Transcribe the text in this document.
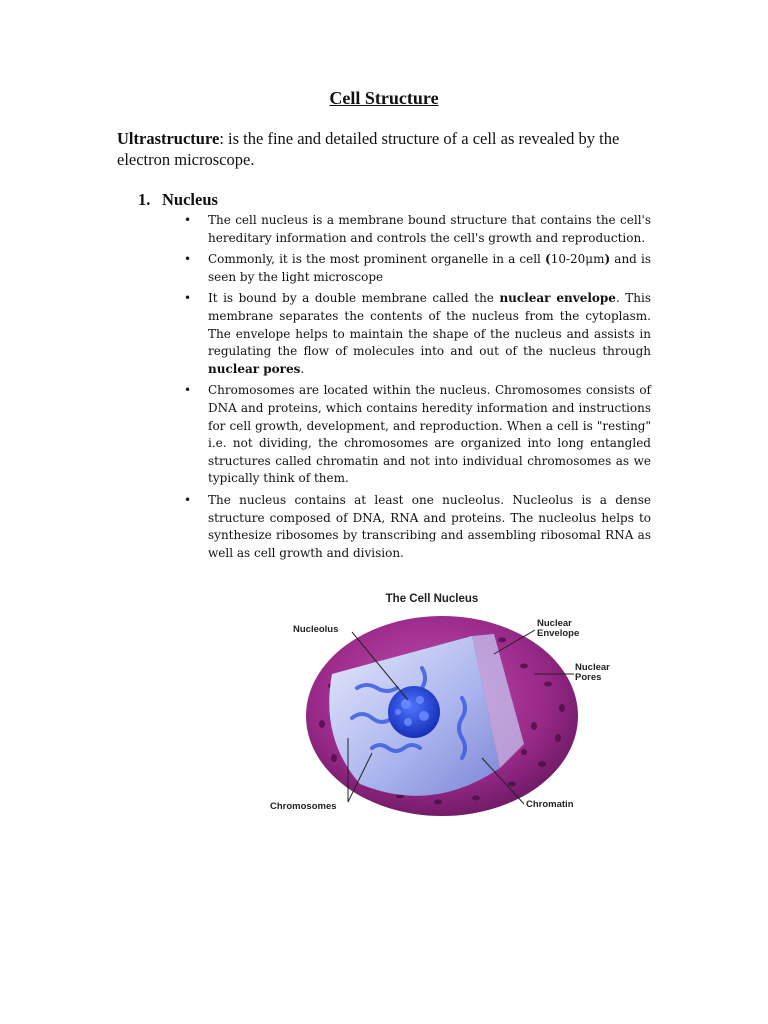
Cell Structure

Ultrastructure: is the fine and detailed structure of a cell as revealed by the electron microscope.

1. Nucleus
• The cell nucleus is a membrane bound structure that contains the cell's hereditary information and controls the cell's growth and reproduction.
• Commonly, it is the most prominent organelle in a cell (10-20μm) and is seen by the light microscope
• It is bound by a double membrane called the nuclear envelope. This membrane separates the contents of the nucleus from the cytoplasm. The envelope helps to maintain the shape of the nucleus and assists in regulating the flow of molecules into and out of the nucleus through nuclear pores.
• Chromosomes are located within the nucleus. Chromosomes consists of DNA and proteins, which contains heredity information and instructions for cell growth, development, and reproduction. When a cell is "resting" i.e. not dividing, the chromosomes are organized into long entangled structures called chromatin and not into individual chromosomes as we typically think of them.
• The nucleus contains at least one nucleolus. Nucleolus is a dense structure composed of DNA, RNA and proteins. The nucleolus helps to synthesize ribosomes by transcribing and assembling ribosomal RNA as well as cell growth and division.
The Cell Nucleus
Nucleolus
Nuclear
Envelope
Nuclear
Pores
Chromosomes	Chromatin
